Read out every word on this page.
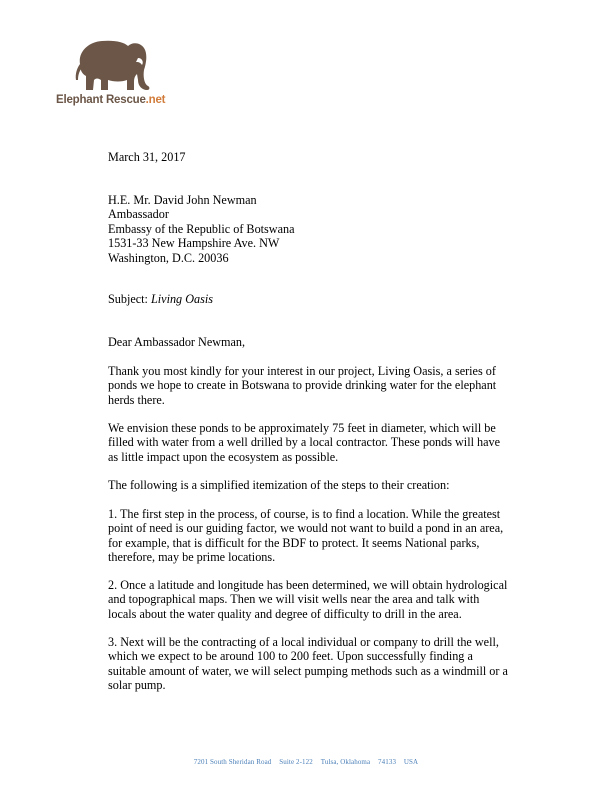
Elephant Rescue.net
March 31, 2017
H.E. Mr. David John Newman
Ambassador
Embassy of the Republic of Botswana
1531-33 New Hampshire Ave. NW
Washington, D.C. 20036
Subject: Living Oasis
Dear Ambassador Newman,
Thank you most kindly for your interest in our project, Living Oasis, a series of
ponds we hope to create in Botswana to provide drinking water for the elephant
herds there.
We envision these ponds to be approximately 75 feet in diameter, which will be
filled with water from a well drilled by a local contractor. These ponds will have
as little impact upon the ecosystem as possible.
The following is a simplified itemization of the steps to their creation:
1. The first step in the process, of course, is to find a location. While the greatest
point of need is our guiding factor, we would not want to build a pond in an area,
for example, that is difficult for the BDF to protect. It seems National parks,
therefore, may be prime locations.
2. Once a latitude and longitude has been determined, we will obtain hydrological
and topographical maps. Then we will visit wells near the area and talk with
locals about the water quality and degree of difficulty to drill in the area.
3. Next will be the contracting of a local individual or company to drill the well,
which we expect to be around 100 to 200 feet. Upon successfully finding a
suitable amount of water, we will select pumping methods such as a windmill or a
solar pump.
7201 South Sheridan Road Suite 2-122 Tulsa, Oklahoma 74133 USA
